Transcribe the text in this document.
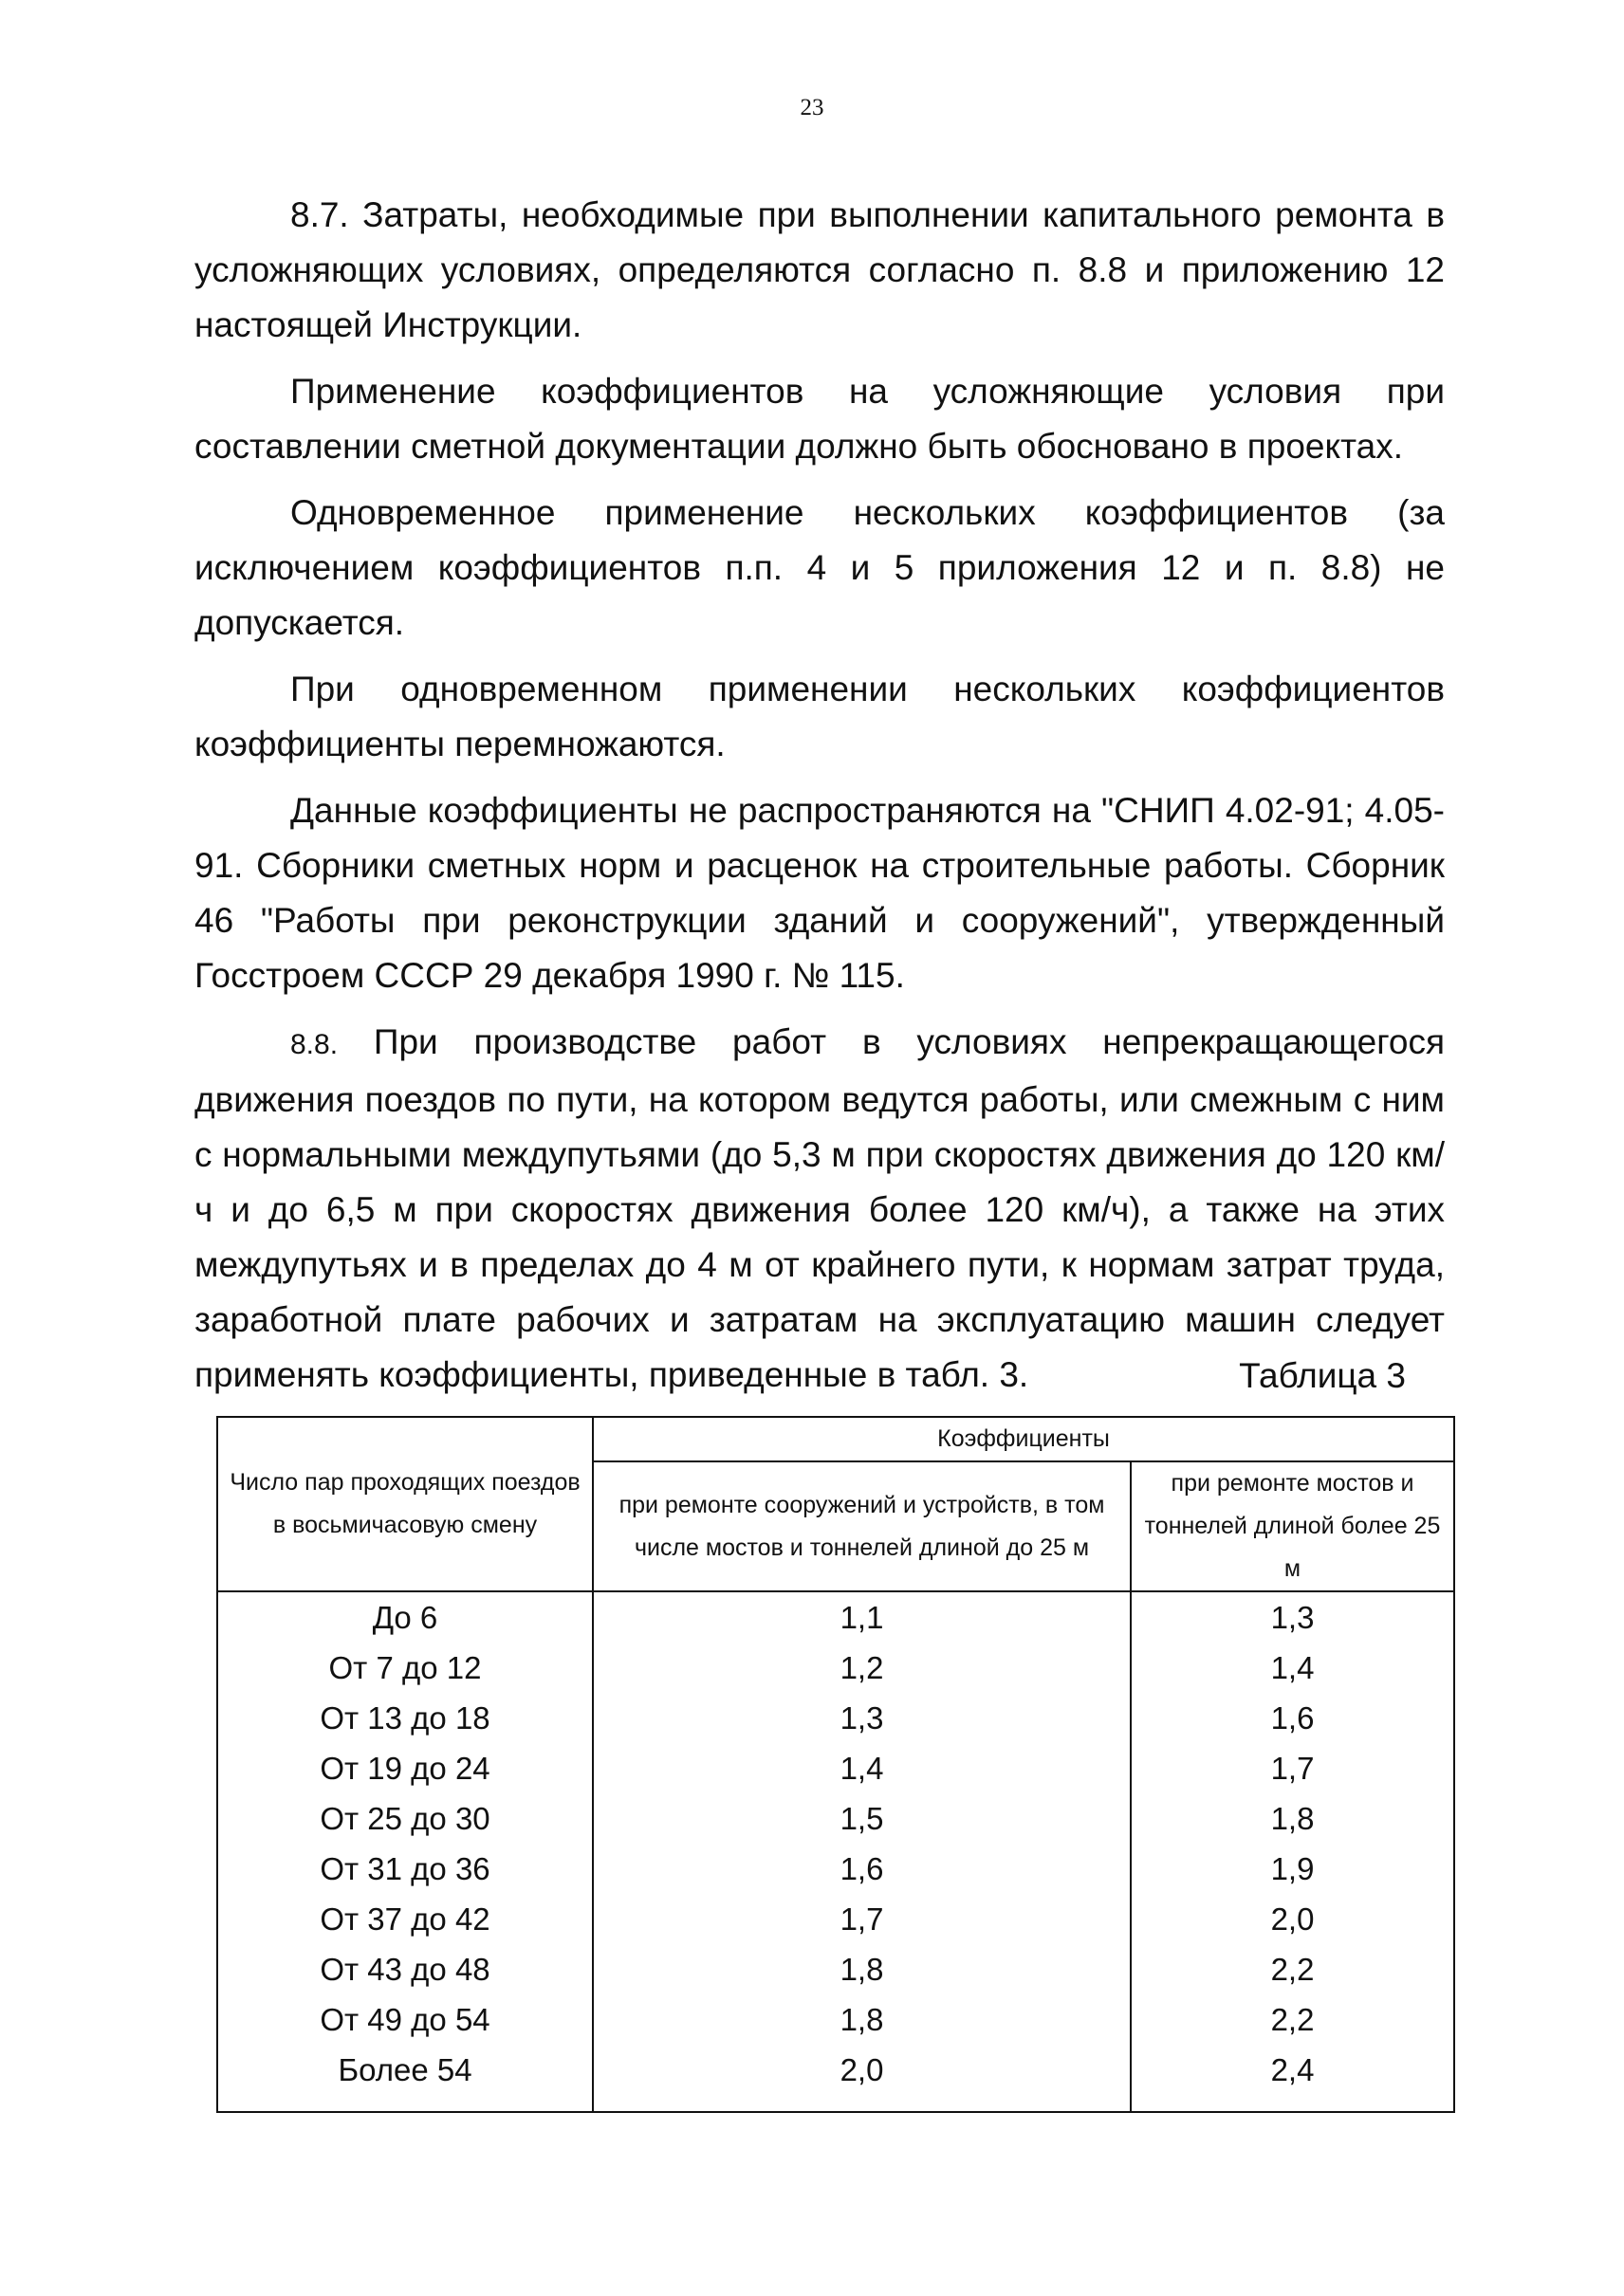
23

8.7. Затраты, необходимые при выполнении капитального ремонта в усложняющих условиях, определяются согласно п. 8.8 и приложению 12 настоящей Инструкции.

Применение коэффициентов на усложняющие условия при составлении сметной документации должно быть обосновано в проектах.

Одновременное применение нескольких коэффициентов (за исключением коэффициентов п.п. 4 и 5 приложения 12 и п. 8.8) не допускается.

При одновременном применении нескольких коэффициентов коэффициенты перемножаются.

Данные коэффициенты не распространяются на "СНИП 4.02-91; 4.05-91. Сборники сметных норм и расценок на строительные работы. Сборник 46 "Работы при реконструкции зданий и сооружений", утвержденный Госстроем СССР 29 декабря 1990 г. № 115.

8.8. При производстве работ в условиях непрекращающегося движения поездов по пути, на котором ведутся работы, или смежным с ним с нормальными междупутьями (до 5,3 м при скоростях движения до 120 км/ч и до 6,5 м при скоростях движения более 120 км/ч), а также на этих междупутьях и в пределах до 4 м от крайнего пути, к нормам затрат труда, заработной плате рабочих и затратам на эксплуатацию машин следует применять коэффициенты, приведенные в табл. 3.	Таблица 3
Число пар проходящих поездов в восьмичасовую смену	Коэффициенты	
	при ремонте сооружений и устройств, в том числе мостов и тоннелей длиной до 25 м	при ремонте мостов и тоннелей длиной более 25 м
До 6	1,1	1,3
От 7 до 12	1,2	1,4
От 13 до 18	1,3	1,6
От 19 до 24	1,4	1,7
От 25 до 30	1,5	1,8
От 31 до 36	1,6	1,9
От 37 до 42	1,7	2,0
От 43 до 48	1,8	2,2
От 49 до 54	1,8	2,2
Более 54	2,0	2,4
